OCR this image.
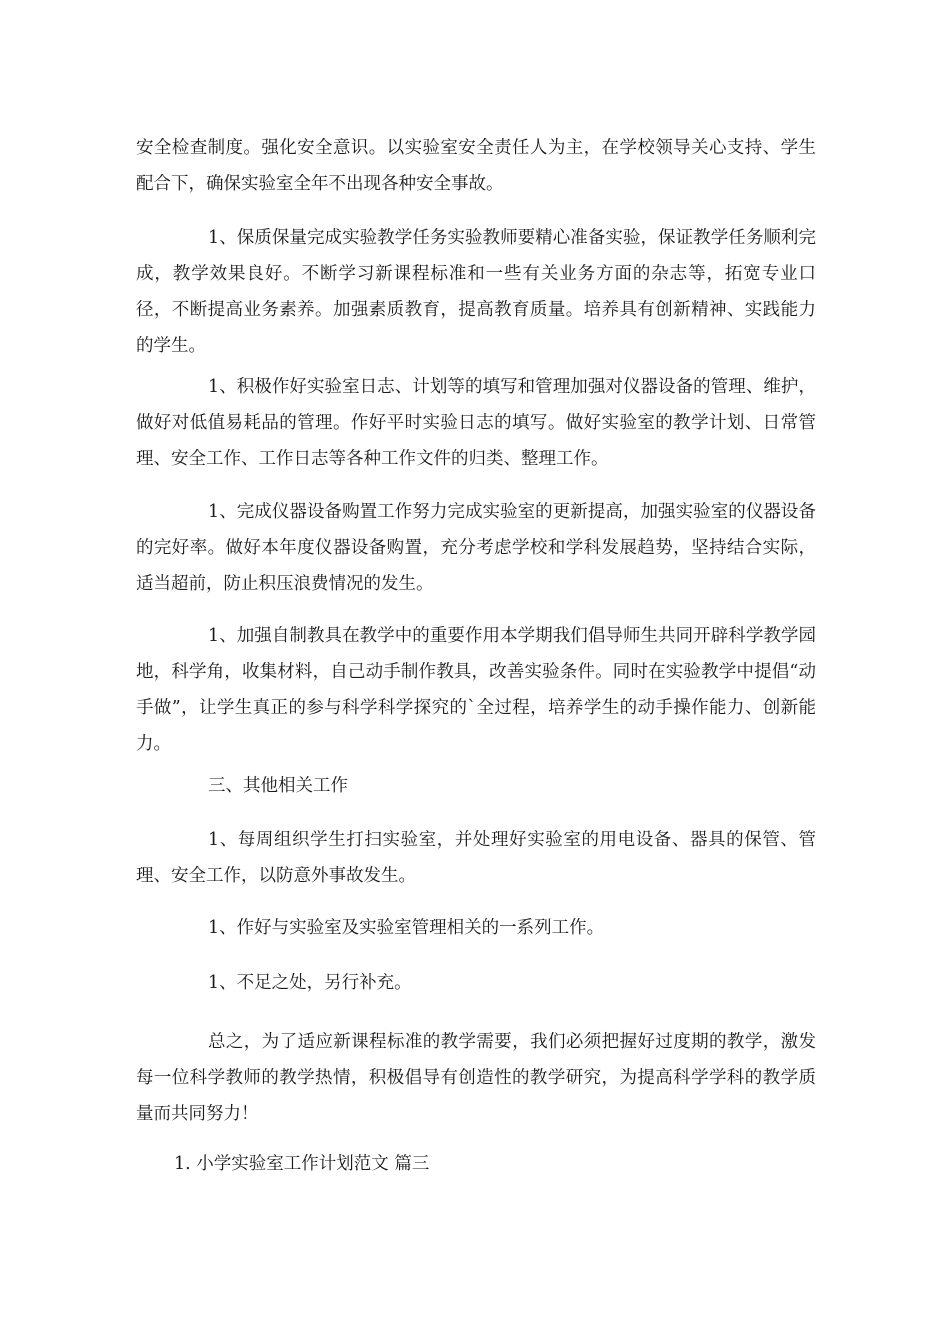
安全检查制度。强化安全意识。以实验室安全责任人为主，在学校领导关心支持、学生配合下，确保实验室全年不出现各种安全事故。

1、保质保量完成实验教学任务实验教师要精心准备实验，保证教学任务顺利完成，教学效果良好。不断学习新课程标准和一些有关业务方面的杂志等，拓宽专业口径，不断提高业务素养。加强素质教育，提高教育质量。培养具有创新精神、实践能力的学生。

1、积极作好实验室日志、计划等的填写和管理加强对仪器设备的管理、维护，做好对低值易耗品的管理。作好平时实验日志的填写。做好实验室的教学计划、日常管理、安全工作、工作日志等各种工作文件的归类、整理工作。

1、完成仪器设备购置工作努力完成实验室的更新提高，加强实验室的仪器设备的完好率。做好本年度仪器设备购置，充分考虑学校和学科发展趋势，坚持结合实际，适当超前，防止积压浪费情况的发生。

1、加强自制教具在教学中的重要作用本学期我们倡导师生共同开辟科学教学园地，科学角，收集材料，自己动手制作教具，改善实验条件。同时在实验教学中提倡“动手做”，让学生真正的参与科学科学探究的`全过程，培养学生的动手操作能力、创新能力。

三、其他相关工作

1、每周组织学生打扫实验室，并处理好实验室的用电设备、器具的保管、管理、安全工作，以防意外事故发生。

1、作好与实验室及实验室管理相关的一系列工作。

1、不足之处，另行补充。

总之，为了适应新课程标准的教学需要，我们必须把握好过度期的教学，激发每一位科学教师的教学热情，积极倡导有创造性的教学研究，为提高科学学科的教学质量而共同努力！

1. 小学实验室工作计划范文 篇三
